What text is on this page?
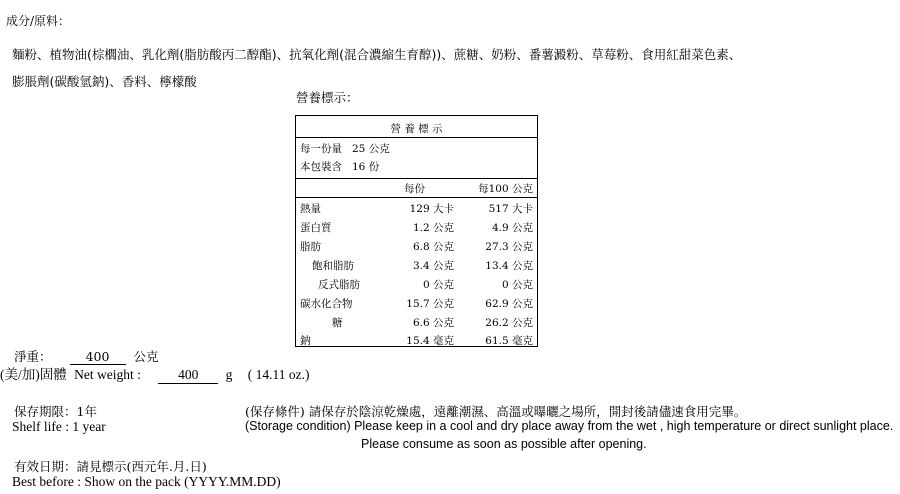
成分/原料：
麵粉、植物油(棕櫚油、乳化劑(脂肪酸丙二醇酯)、抗氧化劑(混合濃縮生育醇))、蔗糖、奶粉、番薯澱粉、草莓粉、食用紅甜菜色素、
膨脹劑(碳酸氫鈉)、香料、檸檬酸
營養標示：
營 養 標 示
每一份量 25 公克
本包裝含 16 份
每份	每100 公克
熱量	129 大卡	517 大卡
蛋白質	1.2 公克	4.9 公克
脂肪	6.8 公克	27.3 公克
飽和脂肪	3.4 公克	13.4 公克
反式脂肪	0 公克	0 公克
碳水化合物	15.7 公克	62.9 公克
糖	6.6 公克	26.2 公克
鈉	15.4 毫克	61.5 毫克
淨重：	400 公克
(美/加)固體 Net weight :	400 g ( 14.11 oz.)
保存期限：1年
Shelf life : 1 year
(保存條件) 請保存於陰涼乾燥處，遠離潮濕、高溫或曝曬之場所，開封後請儘速食用完畢。
(Storage condition) Please keep in a cool and dry place away from the wet , high temperature or direct sunlight place.
Please consume as soon as possible after opening.
有效日期：請見標示(西元年.月.日)
Best before : Show on the pack (YYYY.MM.DD)
